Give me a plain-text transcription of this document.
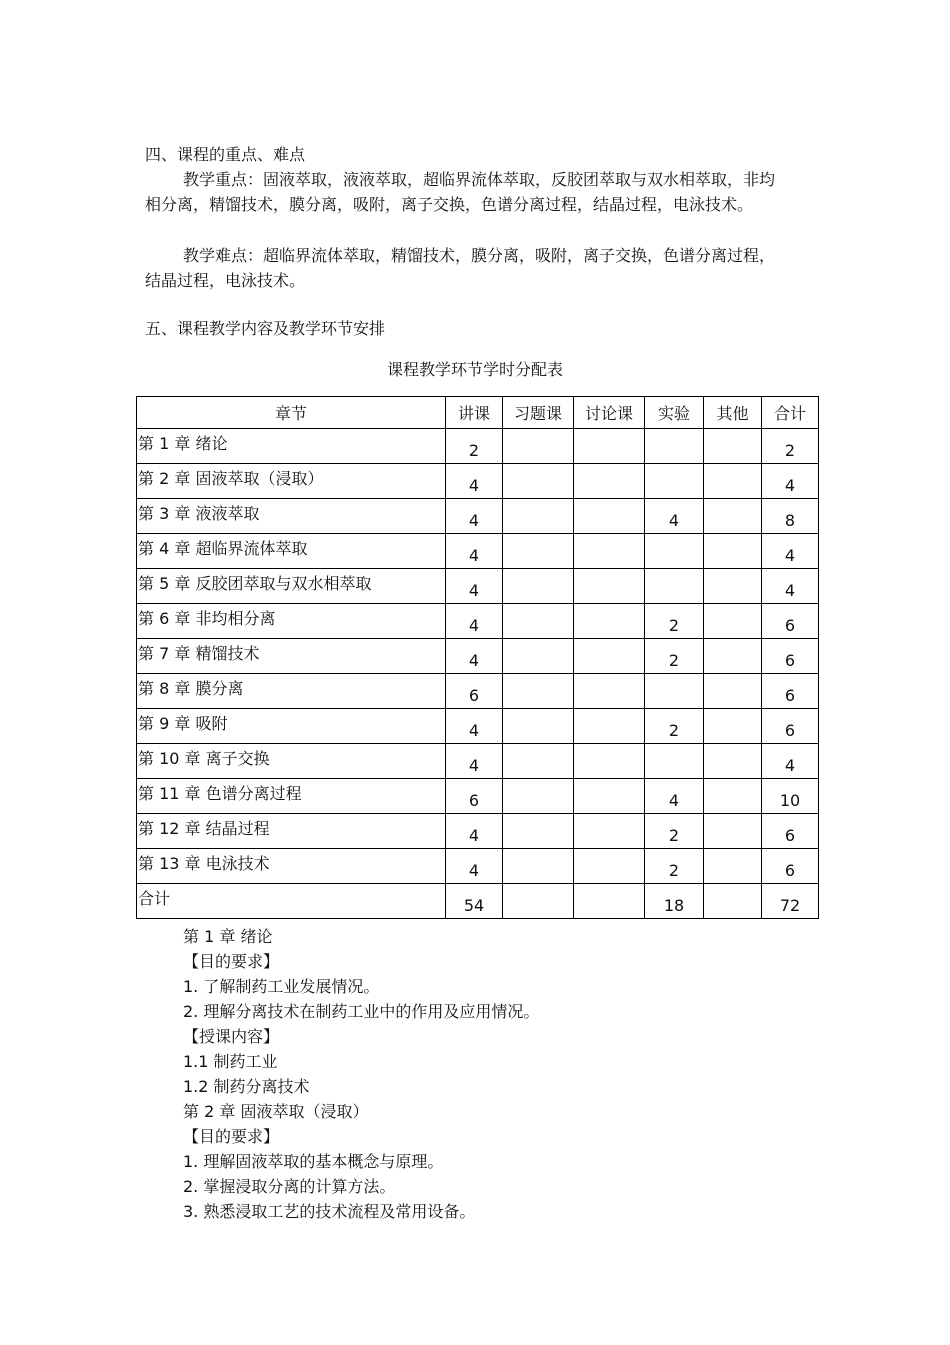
四、课程的重点、难点
教学重点：固液萃取，液液萃取，超临界流体萃取，反胶团萃取与双水相萃取，非均相分离，精馏技术，膜分离，吸附，离子交换，色谱分离过程，结晶过程，电泳技术。
教学难点：超临界流体萃取，精馏技术，膜分离，吸附，离子交换，色谱分离过程，结晶过程，电泳技术。
五、课程教学内容及教学环节安排
课程教学环节学时分配表
章节	讲课	习题课	讨论课	实验	其他	合计
第 1 章 绪论	2					2
第 2 章 固液萃取（浸取）	4					4
第 3 章 液液萃取	4			4		8
第 4 章 超临界流体萃取	4					4
第 5 章 反胶团萃取与双水相萃取	4					4
第 6 章 非均相分离	4			2		6
第 7 章 精馏技术	4			2		6
第 8 章 膜分离	6					6
第 9 章 吸附	4			2		6
第 10 章 离子交换	4					4
第 11 章 色谱分离过程	6			4		10
第 12 章 结晶过程	4			2		6
第 13 章 电泳技术	4			2		6
合计	54			18		72
第 1 章 绪论
【目的要求】
1. 了解制药工业发展情况。
2. 理解分离技术在制药工业中的作用及应用情况。
【授课内容】
1.1 制药工业
1.2 制药分离技术
第 2 章 固液萃取（浸取）
【目的要求】
1. 理解固液萃取的基本概念与原理。
2. 掌握浸取分离的计算方法。
3. 熟悉浸取工艺的技术流程及常用设备。
